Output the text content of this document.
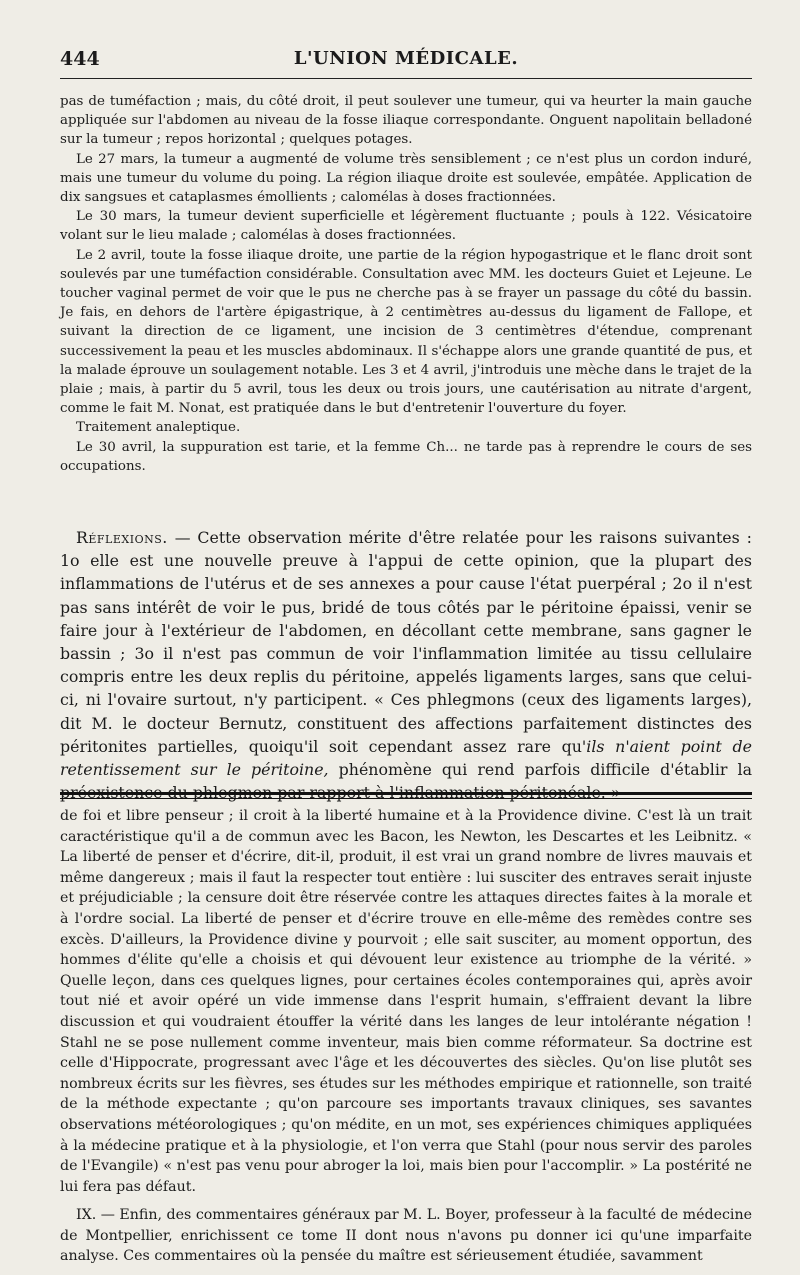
444	L'UNION MÉDICALE.

pas de tuméfaction ; mais, du côté droit, il peut soulever une tumeur, qui va heurter la main gauche appliquée sur l'abdomen au niveau de la fosse iliaque correspondante. Onguent napolitain belladoné sur la tumeur ; repos horizontal ; quelques potages.

Le 27 mars, la tumeur a augmenté de volume très sensiblement ; ce n'est plus un cordon induré, mais une tumeur du volume du poing. La région iliaque droite est soulevée, empâtée. Application de dix sangsues et cataplasmes émollients ; calomélas à doses fractionnées.

Le 30 mars, la tumeur devient superficielle et légèrement fluctuante ; pouls à 122. Vésicatoire volant sur le lieu malade ; calomélas à doses fractionnées.

Le 2 avril, toute la fosse iliaque droite, une partie de la région hypogastrique et le flanc droit sont soulevés par une tuméfaction considérable. Consultation avec MM. les docteurs Guiet et Lejeune. Le toucher vaginal permet de voir que le pus ne cherche pas à se frayer un passage du côté du bassin. Je fais, en dehors de l'artère épigastrique, à 2 centimètres au-dessus du ligament de Fallope, et suivant la direction de ce ligament, une incision de 3 centimètres d'étendue, comprenant successivement la peau et les muscles abdominaux. Il s'échappe alors une grande quantité de pus, et la malade éprouve un soulagement notable. Les 3 et 4 avril, j'introduis une mèche dans le trajet de la plaie ; mais, à partir du 5 avril, tous les deux ou trois jours, une cautérisation au nitrate d'argent, comme le fait M. Nonat, est pratiquée dans le but d'entretenir l'ouverture du foyer.

Traitement analeptique.

Le 30 avril, la suppuration est tarie, et la femme Ch... ne tarde pas à reprendre le cours de ses occupations.

Réflexions. — Cette observation mérite d'être relatée pour les raisons suivantes : 1o elle est une nouvelle preuve à l'appui de cette opinion, que la plupart des inflammations de l'utérus et de ses annexes a pour cause l'état puerpéral ; 2o il n'est pas sans intérêt de voir le pus, bridé de tous côtés par le péritoine épaissi, venir se faire jour à l'extérieur de l'abdomen, en décollant cette membrane, sans gagner le bassin ; 3o il n'est pas commun de voir l'inflammation limitée au tissu cellulaire compris entre les deux replis du péritoine, appelés ligaments larges, sans que celui-ci, ni l'ovaire surtout, n'y participent. « Ces phlegmons (ceux des ligaments larges), dit M. le docteur Bernutz, constituent des affections parfaitement distinctes des péritonites partielles, quoiqu'il soit cependant assez rare qu'ils n'aient point de retentissement sur le péritoine, phénomène qui rend parfois difficile d'établir la préexistence du phlegmon par rapport à l'inflammation péritonéale. »

de foi et libre penseur ; il croit à la liberté humaine et à la Providence divine. C'est là un trait caractéristique qu'il a de commun avec les Bacon, les Newton, les Descartes et les Leibnitz. « La liberté de penser et d'écrire, dit-il, produit, il est vrai un grand nombre de livres mauvais et même dangereux ; mais il faut la respecter tout entière : lui susciter des entraves serait injuste et préjudiciable ; la censure doit être réservée contre les attaques directes faites à la morale et à l'ordre social. La liberté de penser et d'écrire trouve en elle-même des remèdes contre ses excès. D'ailleurs, la Providence divine y pourvoit ; elle sait susciter, au moment opportun, des hommes d'élite qu'elle a choisis et qui dévouent leur existence au triomphe de la vérité. » Quelle leçon, dans ces quelques lignes, pour certaines écoles contemporaines qui, après avoir tout nié et avoir opéré un vide immense dans l'esprit humain, s'effraient devant la libre discussion et qui voudraient étouffer la vérité dans les langes de leur intolérante négation ! Stahl ne se pose nullement comme inventeur, mais bien comme réformateur. Sa doctrine est celle d'Hippocrate, progressant avec l'âge et les découvertes des siècles. Qu'on lise plutôt ses nombreux écrits sur les fièvres, ses études sur les méthodes empirique et rationnelle, son traité de la méthode expectante ; qu'on parcoure ses importants travaux cliniques, ses savantes observations météorologiques ; qu'on médite, en un mot, ses expériences chimiques appliquées à la médecine pratique et à la physiologie, et l'on verra que Stahl (pour nous servir des paroles de l'Evangile) « n'est pas venu pour abroger la loi, mais bien pour l'accomplir. » La postérité ne lui fera pas défaut.

IX. — Enfin, des commentaires généraux par M. L. Boyer, professeur à la faculté de médecine de Montpellier, enrichissent ce tome II dont nous n'avons pu donner ici qu'une imparfaite analyse. Ces commentaires où la pensée du maître est sérieusement étudiée, savamment
